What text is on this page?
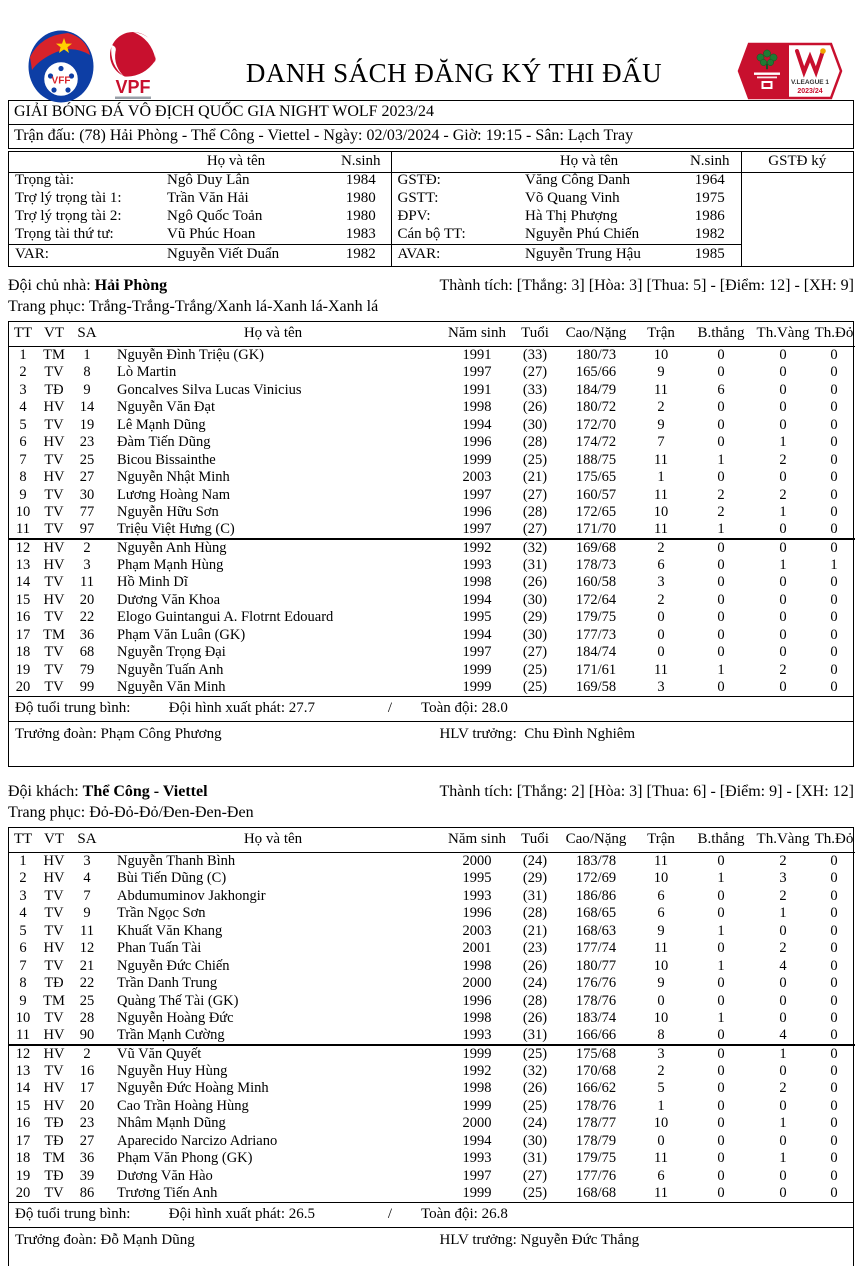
VFF	VPF	DANH SÁCH ĐĂNG KÝ THI ĐẤU	V.LEAGUE 1
2023/24
GIẢI BÓNG ĐÁ VÔ ĐỊCH QUỐC GIA NIGHT WOLF 2023/24
Trận đấu: (78) Hải Phòng - Thể Công - Viettel - Ngày: 02/03/2024 - Giờ: 19:15 - Sân: Lạch Tray
	Họ và tên	N.sinh		Họ và tên	N.sinh	GSTĐ ký
Trọng tài:	Ngô Duy Lân	1984	GSTĐ:	Văng Công Danh	1964	
Trợ lý trọng tài 1:	Trần Văn Hải	1980	GSTT:	Võ Quang Vinh	1975	
Trợ lý trọng tài 2:	Ngô Quốc Toản	1980	ĐPV:	Hà Thị Phượng	1986	
Trọng tài thứ tư:	Vũ Phúc Hoan	1983	Cán bộ TT:	Nguyễn Phú Chiến	1982	
VAR:	Nguyễn Viết Duẩn	1982	AVAR:	Nguyễn Trung Hậu	1985	
Đội chủ nhà: Hải Phòng	Thành tích: [Thắng: 3] [Hòa: 3] [Thua: 5] - [Điểm: 12] - [XH: 9]
Trang phục: Trắng-Trắng-Trắng/Xanh lá-Xanh lá-Xanh lá
TT	VT	SA	Họ và tên	Năm sinh	Tuổi	Cao/Nặng	Trận	B.thắng	Th.Vàng	Th.Đỏ
1	TM	1	Nguyễn Đình Triệu (GK)	1991	(33)	180/73	10	0	0	0
2	TV	8	Lò Martin	1997	(27)	165/66	9	0	0	0
3	TĐ	9	Goncalves Silva Lucas Vinicius	1991	(33)	184/79	11	6	0	0
4	HV	14	Nguyễn Văn Đạt	1998	(26)	180/72	2	0	0	0
5	TV	19	Lê Mạnh Dũng	1994	(30)	172/70	9	0	0	0
6	HV	23	Đàm Tiến Dũng	1996	(28)	174/72	7	0	1	0
7	TV	25	Bicou Bissainthe	1999	(25)	188/75	11	1	2	0
8	HV	27	Nguyễn Nhật Minh	2003	(21)	175/65	1	0	0	0
9	TV	30	Lương Hoàng Nam	1997	(27)	160/57	11	2	2	0
10	TV	77	Nguyễn Hữu Sơn	1996	(28)	172/65	10	2	1	0
11	TV	97	Triệu Việt Hưng (C)	1997	(27)	171/70	11	1	0	0
12	HV	2	Nguyễn Anh Hùng	1992	(32)	169/68	2	0	0	0
13	HV	3	Phạm Mạnh Hùng	1993	(31)	178/73	6	0	1	1
14	TV	11	Hồ Minh Dĩ	1998	(26)	160/58	3	0	0	0
15	HV	20	Dương Văn Khoa	1994	(30)	172/64	2	0	0	0
16	TV	22	Elogo Guintangui A. Flotrnt Edouard	1995	(29)	179/75	0	0	0	0
17	TM	36	Phạm Văn Luân (GK)	1994	(30)	177/73	0	0	0	0
18	TV	68	Nguyễn Trọng Đại	1997	(27)	184/74	0	0	0	0
19	TV	79	Nguyễn Tuấn Anh	1999	(25)	171/61	11	1	2	0
20	TV	99	Nguyễn Văn Minh	1999	(25)	169/58	3	0	0	0
Độ tuổi trung bình:	Đội hình xuất phát: 27.7	/ Toàn đội: 28.0
Trưởng đoàn: Phạm Công Phương	HLV trưởng: Chu Đình Nghiêm
Đội khách: Thể Công - Viettel	Thành tích: [Thắng: 2] [Hòa: 3] [Thua: 6] - [Điểm: 9] - [XH: 12]
Trang phục: Đỏ-Đỏ-Đỏ/Đen-Đen-Đen
TT	VT	SA	Họ và tên	Năm sinh	Tuổi	Cao/Nặng	Trận	B.thắng	Th.Vàng	Th.Đỏ
1	HV	3	Nguyễn Thanh Bình	2000	(24)	183/78	11	0	2	0
2	HV	4	Bùi Tiến Dũng (C)	1995	(29)	172/69	10	1	3	0
3	TV	7	Abdumuminov Jakhongir	1993	(31)	186/86	6	0	2	0
4	TV	9	Trần Ngọc Sơn	1996	(28)	168/65	6	0	1	0
5	TV	11	Khuất Văn Khang	2003	(21)	168/63	9	1	0	0
6	HV	12	Phan Tuấn Tài	2001	(23)	177/74	11	0	2	0
7	TV	21	Nguyễn Đức Chiến	1998	(26)	180/77	10	1	4	0
8	TĐ	22	Trần Danh Trung	2000	(24)	176/76	9	0	0	0
9	TM	25	Quàng Thế Tài (GK)	1996	(28)	178/76	0	0	0	0
10	TV	28	Nguyễn Hoàng Đức	1998	(26)	183/74	10	1	0	0
11	HV	90	Trần Mạnh Cường	1993	(31)	166/66	8	0	4	0
12	HV	2	Vũ Văn Quyết	1999	(25)	175/68	3	0	1	0
13	TV	16	Nguyễn Huy Hùng	1992	(32)	170/68	2	0	0	0
14	HV	17	Nguyễn Đức Hoàng Minh	1998	(26)	166/62	5	0	2	0
15	HV	20	Cao Trần Hoàng Hùng	1999	(25)	178/76	1	0	0	0
16	TĐ	23	Nhâm Mạnh Dũng	2000	(24)	178/77	10	0	1	0
17	TĐ	27	Aparecido Narcizo Adriano	1994	(30)	178/79	0	0	0	0
18	TM	36	Phạm Văn Phong (GK)	1993	(31)	179/75	11	0	1	0
19	TĐ	39	Dương Văn Hào	1997	(27)	177/76	6	0	0	0
20	TV	86	Trương Tiến Anh	1999	(25)	168/68	11	0	0	0
Độ tuổi trung bình:	Đội hình xuất phát: 26.5	/ Toàn đội: 26.8
Trưởng đoàn: Đỗ Mạnh Dũng	HLV trưởng: Nguyễn Đức Thắng
